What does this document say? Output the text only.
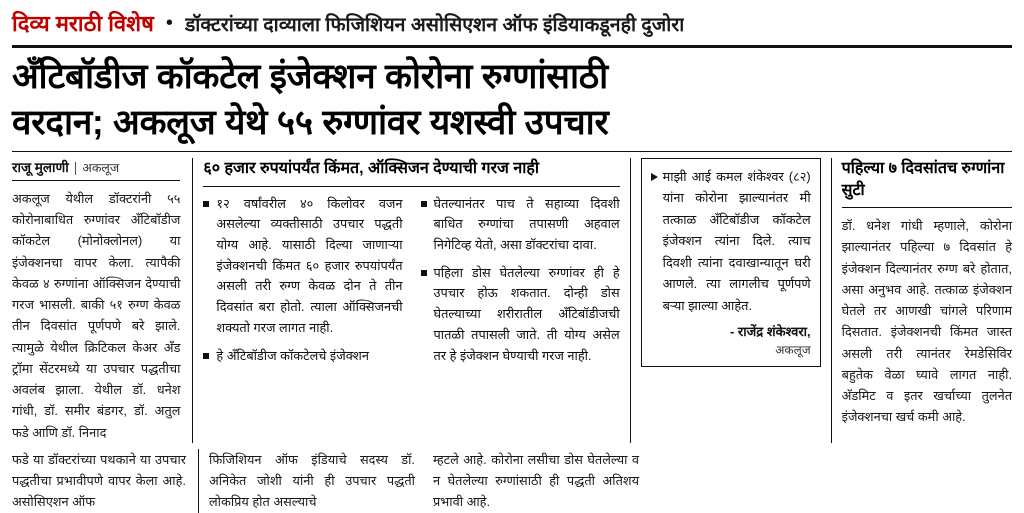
दिव्य मराठी विशेष • डॉक्टरांच्या दाव्याला फिजिशियन असोसिएशन ऑफ इंडियाकडूनही दुजोरा
अँटिबॉडीज कॉकटेल इंजेक्शन कोरोना रुग्णांसाठी
वरदान; अकलूज येथे ५५ रुग्णांवर यशस्वी उपचार
राजू मुलाणी | अकलूज
अकलूज येथील डॉक्टरांनी ५५ कोरोनाबाधित रुग्णांवर अँटिबॉडीज कॉकटेल (मोनोक्लोनल) या इंजेक्शनचा वापर केला. त्यापैकी केवळ ४ रुग्णांना ऑक्सिजन देण्याची गरज भासली. बाकी ५१ रुग्ण केवळ तीन दिवसांत पूर्णपणे बरे झाले. त्यामुळे येथील क्रिटिकल केअर अँड ट्रॉमा सेंटरमध्ये या उपचार पद्धतीचा अवलंब झाला. येथील डॉ. धनेश गांधी, डॉ. समीर बंडगर, डॉ. अतुल फडे आणि डॉ. निनाद
६० हजार रुपयांपर्यंत किंमत, ऑक्सिजन देण्याची गरज नाही
१२ वर्षांवरील ४० किलोवर वजन असलेल्या व्यक्तीसाठी उपचार पद्धती योग्य आहे. यासाठी दिल्या जाणाऱ्या इंजेक्शनची किंमत ६० हजार रुपयांपर्यंत असली तरी रुग्ण केवळ दोन ते तीन दिवसांत बरा होतो. त्याला ऑक्सिजनची शक्यतो गरज लागत नाही.
हे अँटिबॉडीज कॉकटेलचे इंजेक्शन
घेतल्यानंतर पाच ते सहाव्या दिवशी बाधित रुग्णांचा तपासणी अहवाल निगेटिव्ह येतो, असा डॉक्टरांचा दावा.
पहिला डोस घेतलेल्या रुग्णांवर ही हे उपचार होऊ शकतात. दोन्ही डोस घेतल्याच्या शरीरातील अँटिबॉडीजची पातळी तपासली जाते. ती योग्य असेल तर हे इंजेक्शन घेण्याची गरज नाही.
माझी आई कमल शंकेश्वर (८२) यांना कोरोना झाल्यानंतर मी तत्काळ अँटिबॉडीज कॉकटेल इंजेक्शन त्यांना दिले. त्याच दिवशी त्यांना दवाखान्यातून घरी आणले. त्या लागलीच पूर्णपणे बऱ्या झाल्या आहेत.
- राजेंद्र शंकेश्वरा,
अकलूज
पहिल्या ७ दिवसांतच रुग्णांना सुटी
डॉ. धनेश गांधी म्हणाले, कोरोना झाल्यानंतर पहिल्या ७ दिवसांत हे इंजेक्शन दिल्यानंतर रुग्ण बरे होतात, असा अनुभव आहे. तत्काळ इंजेक्शन घेतले तर आणखी चांगले परिणाम दिसतात. इंजेक्शनची किंमत जास्त असली तरी त्यानंतर रेमडेसिविर बहुतेक वेळा घ्यावे लागत नाही. अ‍ॅडमिट व इतर खर्चाच्या तुलनेत इंजेक्शनचा खर्च कमी आहे.
फडे या डॉक्टरांच्या पथकाने या उपचार पद्धतीचा प्रभावीपणे वापर केला आहे. असोसिएशन ऑफ
फिजिशियन ऑफ इंडियाचे सदस्य डॉ. अनिकेत जोशी यांनी ही उपचार पद्धती लोकप्रिय होत असल्याचे
म्हटले आहे. कोरोना लसीचा डोस घेतलेल्या व न घेतलेल्या रुग्णांसाठी ही पद्धती अतिशय प्रभावी आहे.
